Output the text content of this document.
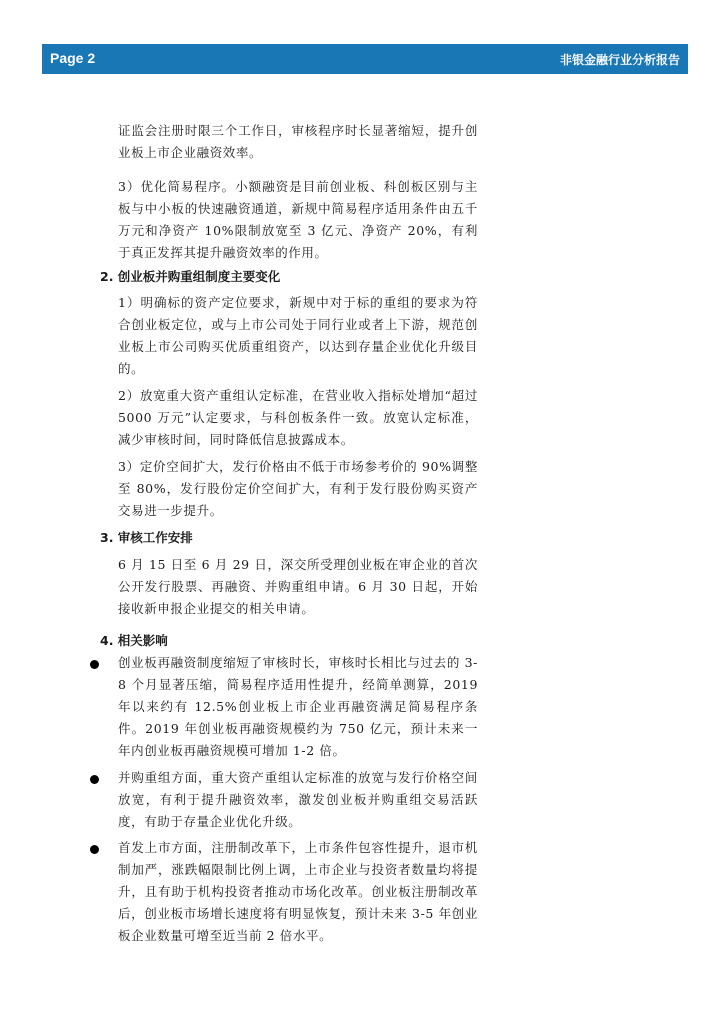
Page 2	非银金融行业分析报告
证监会注册时限三个工作日，审核程序时长显著缩短，提升创业板上市企业融资效率。
3）优化简易程序。小额融资是目前创业板、科创板区别与主板与中小板的快速融资通道，新规中简易程序适用条件由五千万元和净资产 10%限制放宽至 3 亿元、净资产 20%，有利于真正发挥其提升融资效率的作用。
2. 创业板并购重组制度主要变化
1）明确标的资产定位要求，新规中对于标的重组的要求为符合创业板定位，或与上市公司处于同行业或者上下游，规范创业板上市公司购买优质重组资产，以达到存量企业优化升级目的。
2）放宽重大资产重组认定标准，在营业收入指标处增加“超过 5000 万元”认定要求，与科创板条件一致。放宽认定标准，减少审核时间，同时降低信息披露成本。
3）定价空间扩大，发行价格由不低于市场参考价的 90%调整至 80%，发行股份定价空间扩大，有利于发行股份购买资产交易进一步提升。
3. 审核工作安排
6 月 15 日至 6 月 29 日，深交所受理创业板在审企业的首次公开发行股票、再融资、并购重组申请。6 月 30 日起，开始接收新申报企业提交的相关申请。
4. 相关影响
创业板再融资制度缩短了审核时长，审核时长相比与过去的 3-8 个月显著压缩，简易程序适用性提升，经简单测算，2019 年以来约有 12.5%创业板上市企业再融资满足简易程序条件。2019 年创业板再融资规模约为 750 亿元，预计未来一年内创业板再融资规模可增加 1-2 倍。
并购重组方面，重大资产重组认定标准的放宽与发行价格空间放宽，有利于提升融资效率，激发创业板并购重组交易活跃度，有助于存量企业优化升级。
首发上市方面，注册制改革下，上市条件包容性提升，退市机制加严，涨跌幅限制比例上调，上市企业与投资者数量均将提升，且有助于机构投资者推动市场化改革。创业板注册制改革后，创业板市场增长速度将有明显恢复，预计未来 3-5 年创业板企业数量可增至近当前 2 倍水平。
